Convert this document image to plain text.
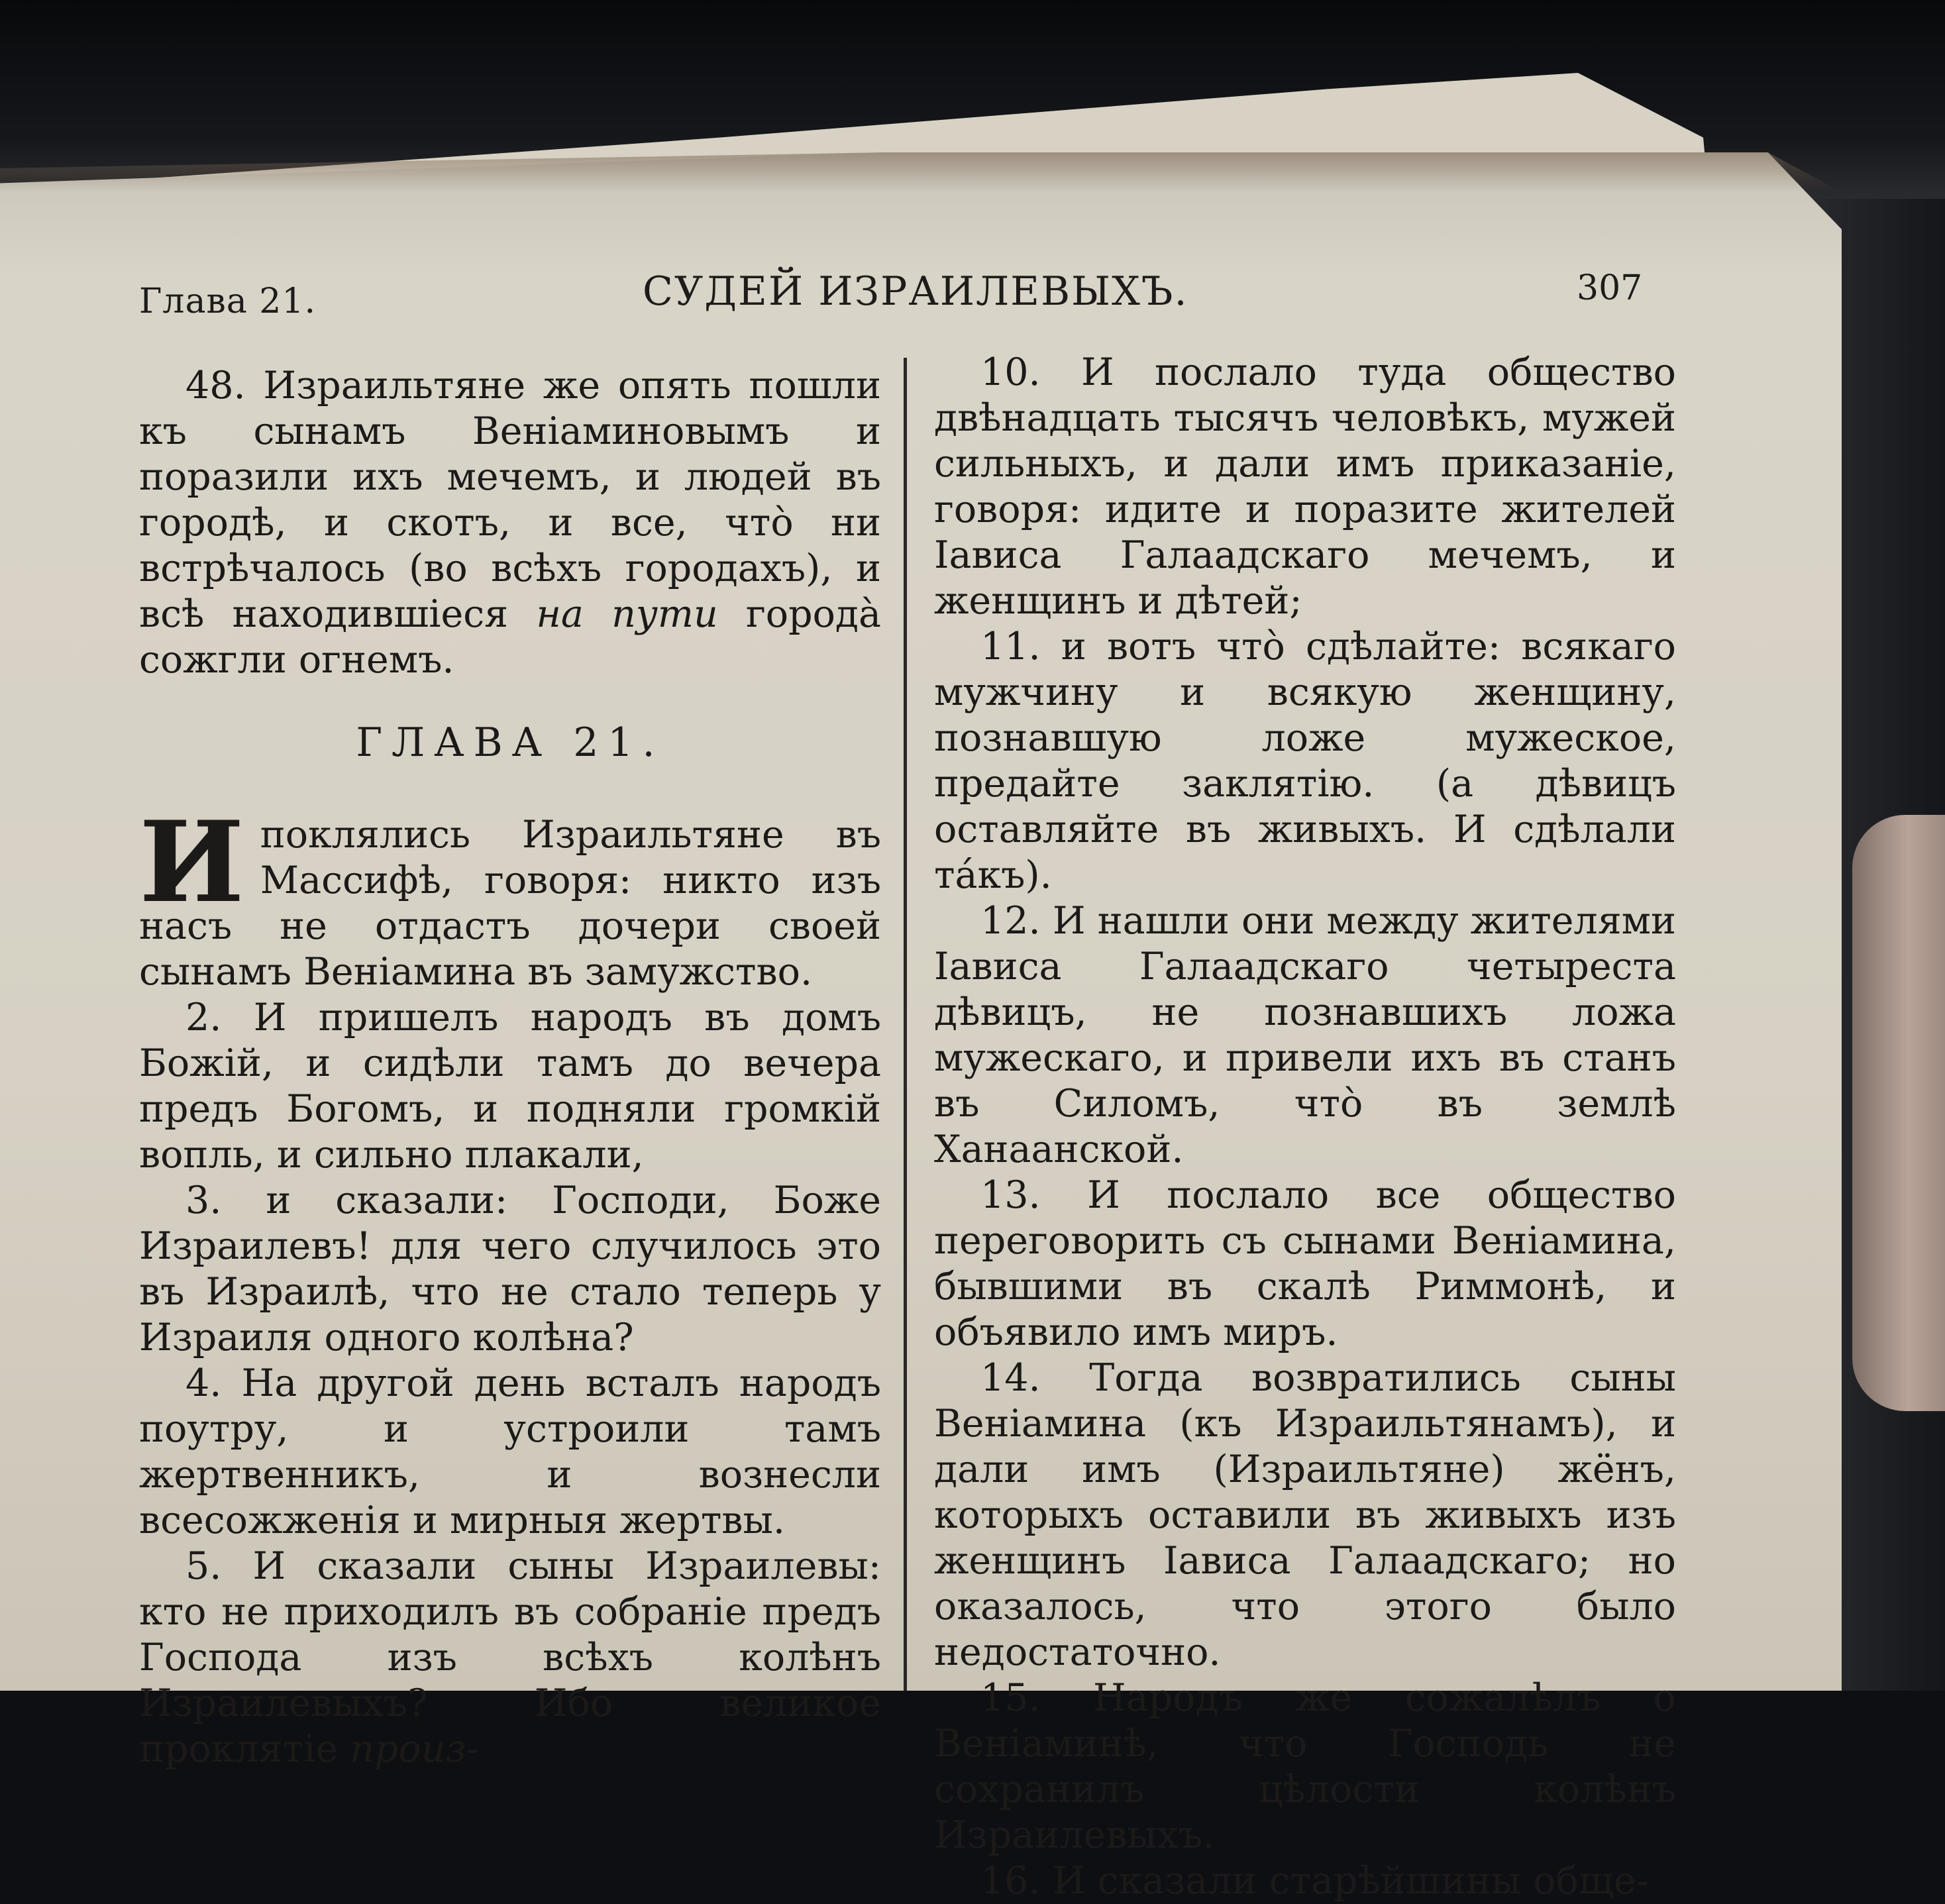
Глава 21.	СУДЕЙ ИЗРАИЛЕВЫХЪ.	307

48. Израильтяне же опять пошли къ сынамъ Веніаминовымъ и поразили ихъ мечемъ, и людей въ городѣ, и скотъ, и все, что̀ ни встрѣчалось (во всѣхъ городахъ), и всѣ находившіеся на пути города̀ сожгли огнемъ.

ГЛАВА 21.

Ипоклялись Израильтяне въ Массифѣ, говоря: никто изъ насъ не отдастъ дочери своей сынамъ Веніамина въ замужство.

2. И пришелъ народъ въ домъ Божій, и сидѣли тамъ до вечера предъ Богомъ, и подняли громкій вопль, и сильно плакали,

3. и сказали: Господи, Боже Израилевъ! для чего случилось это въ Израилѣ, что не стало теперь у Израиля одного колѣна?

4. На другой день всталъ народъ поутру, и устроили тамъ жертвенникъ, и вознесли всесожженія и мирныя жертвы.

5. И сказали сыны Израилевы: кто не приходилъ въ собраніе предъ Господа изъ всѣхъ колѣнъ Израилевыхъ? Ибо великое проклятіе произ-

10. И послало туда общество двѣнадцать тысячъ человѣкъ, мужей сильныхъ, и дали имъ приказаніе, говоря: идите и поразите жителей Іависа Галаадскаго мечемъ, и женщинъ и дѣтей;

11. и вотъ что̀ сдѣлайте: всякаго мужчину и всякую женщину, познавшую ложе мужеское, предайте заклятію. (а дѣвицъ оставляйте въ живыхъ. И сдѣлали та́къ).

12. И нашли они между жителями Іависа Галаадскаго четыреста дѣвицъ, не познавшихъ ложа мужескаго, и привели ихъ въ станъ въ Силомъ, что̀ въ землѣ Ханаанской.

13. И послало все общество переговорить съ сынами Веніамина, бывшими въ скалѣ Риммонѣ, и объявило имъ миръ.

14. Тогда возвратились сыны Веніамина (къ Израильтянамъ), и дали имъ (Израильтяне) жёнъ, которыхъ оставили въ живыхъ изъ женщинъ Іависа Галаадскаго; но оказалось, что этого было недостаточно.

15. Народъ же сожалѣлъ о Веніаминѣ, что Господь не сохранилъ цѣлости колѣнъ Израилевыхъ.

16. И сказали старѣйшины обще-
